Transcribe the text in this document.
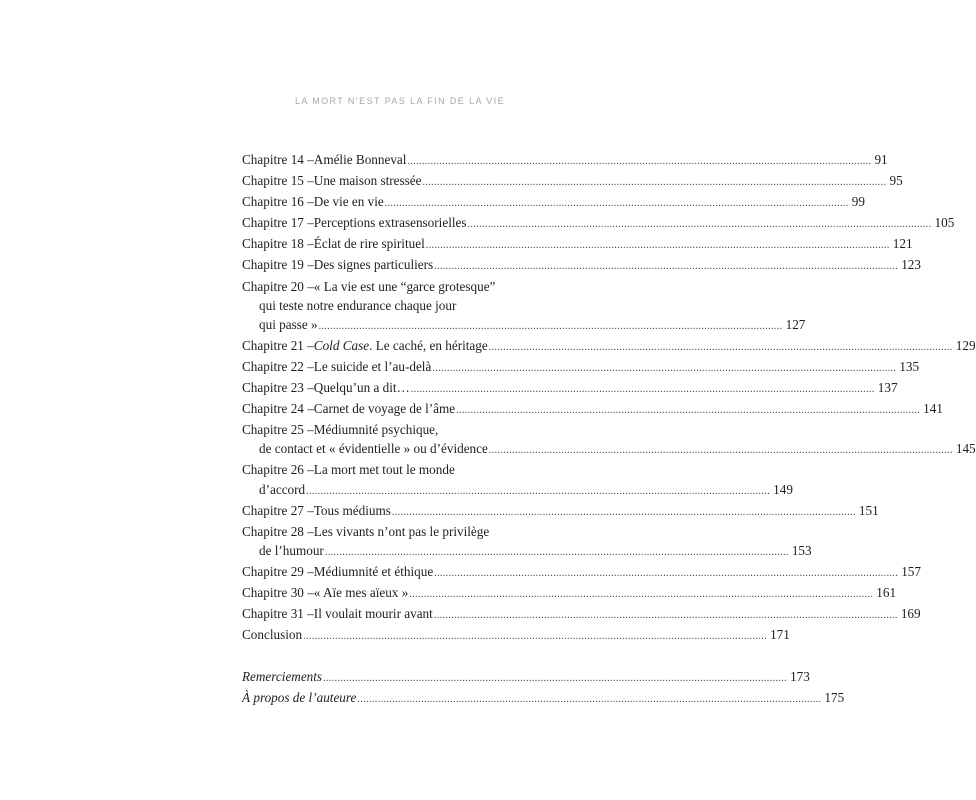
LA MORT N’EST PAS LA FIN DE LA VIE
Chapitre 14 – Amélie Bonneval ................................................................................................................................................................ 91
Chapitre 15 – Une maison stressée ................................................................................................................................................................ 95
Chapitre 16 – De vie en vie ................................................................................................................................................................ 99
Chapitre 17 – Perceptions extrasensorielles ................................................................................................................................................................ 105
Chapitre 18 – Éclat de rire spirituel ................................................................................................................................................................ 121
Chapitre 19 – Des signes particuliers ................................................................................................................................................................ 123
Chapitre 20 – « La vie est une “garce grotesque”
qui teste notre endurance chaque jour
qui passe » ................................................................................................................................................................ 127
Chapitre 21 – Cold Case . Le caché, en héritage ................................................................................................................................................................ 129
Chapitre 22 – Le suicide et l’au-delà ................................................................................................................................................................ 135
Chapitre 23 – Quelqu’un a dit… ................................................................................................................................................................ 137
Chapitre 24 – Carnet de voyage de l’âme ................................................................................................................................................................ 141
Chapitre 25 – Médiumnité psychique,
de contact et « évidentielle » ou d’évidence ................................................................................................................................................................ 145
Chapitre 26 – La mort met tout le monde
d’accord ................................................................................................................................................................ 149
Chapitre 27 – Tous médiums ................................................................................................................................................................ 151
Chapitre 28 – Les vivants n’ont pas le privilège
de l’humour ................................................................................................................................................................ 153
Chapitre 29 – Médiumnité et éthique ................................................................................................................................................................ 157
Chapitre 30 – « Aïe mes aïeux » ................................................................................................................................................................ 161
Chapitre 31 – Il voulait mourir avant ................................................................................................................................................................ 169
Conclusion ................................................................................................................................................................ 171
Remerciements ................................................................................................................................................................ 173
À propos de l’auteure ................................................................................................................................................................ 175
